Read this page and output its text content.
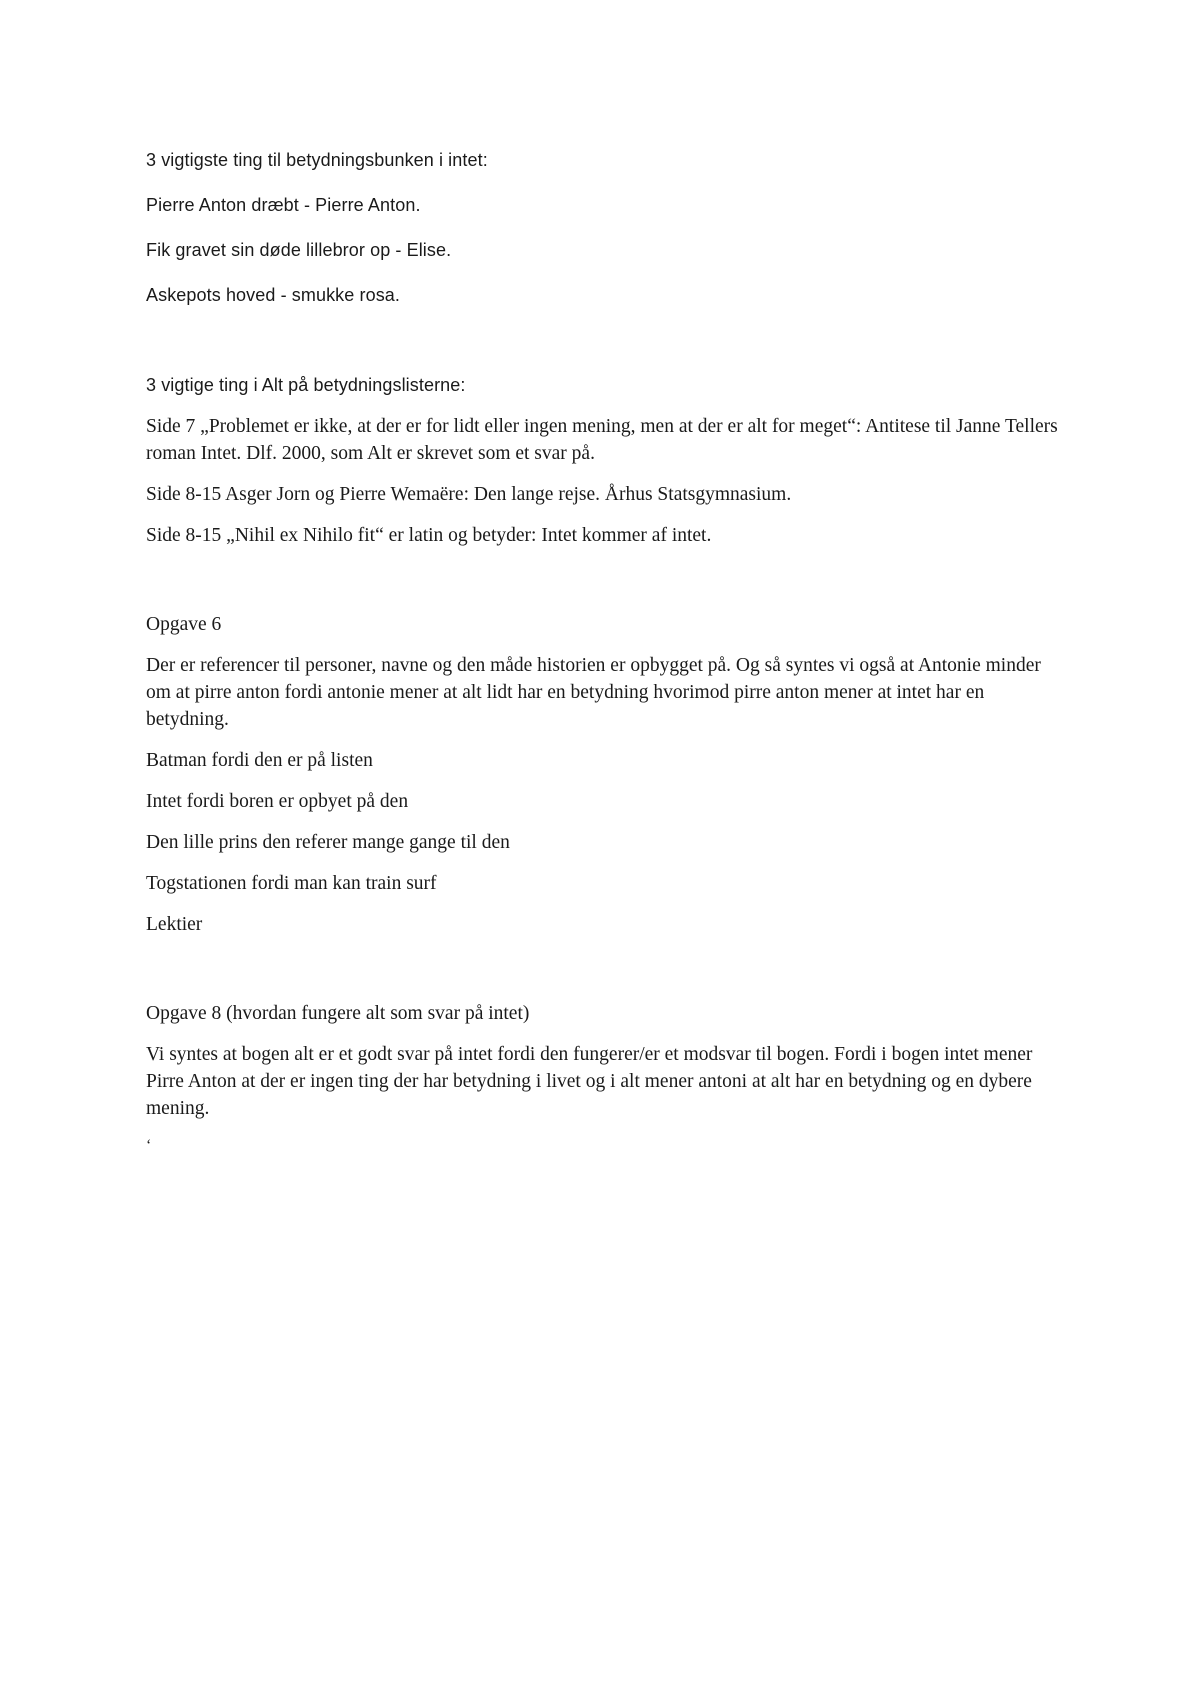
3 vigtigste ting til betydningsbunken i intet:

Pierre Anton dræbt - Pierre Anton.

Fik gravet sin døde lillebror op - Elise.

Askepots hoved - smukke rosa.

3 vigtige ting i Alt på betydningslisterne:

Side 7 „Problemet er ikke, at der er for lidt eller ingen mening, men at der er alt for meget“: Antitese til Janne Tellers roman Intet. Dlf. 2000, som Alt er skrevet som et svar på.

Side 8-15 Asger Jorn og Pierre Wemaëre: Den lange rejse. Århus Statsgymnasium.

Side 8-15 „Nihil ex Nihilo fit“ er latin og betyder: Intet kommer af intet.

Opgave 6

Der er referencer til personer, navne og den måde historien er opbygget på. Og så syntes vi også at Antonie minder om at pirre anton fordi antonie mener at alt lidt har en betydning hvorimod pirre anton mener at intet har en betydning.

Batman fordi den er på listen

Intet fordi boren er opbyet på den

Den lille prins den referer mange gange til den

Togstationen fordi man kan train surf

Lektier

Opgave 8 (hvordan fungere alt som svar på intet)

Vi syntes at bogen alt er et godt svar på intet fordi den fungerer/er et modsvar til bogen. Fordi i bogen intet mener Pirre Anton at der er ingen ting der har betydning i livet og i alt mener antoni at alt har en betydning og en dybere mening.

‘
